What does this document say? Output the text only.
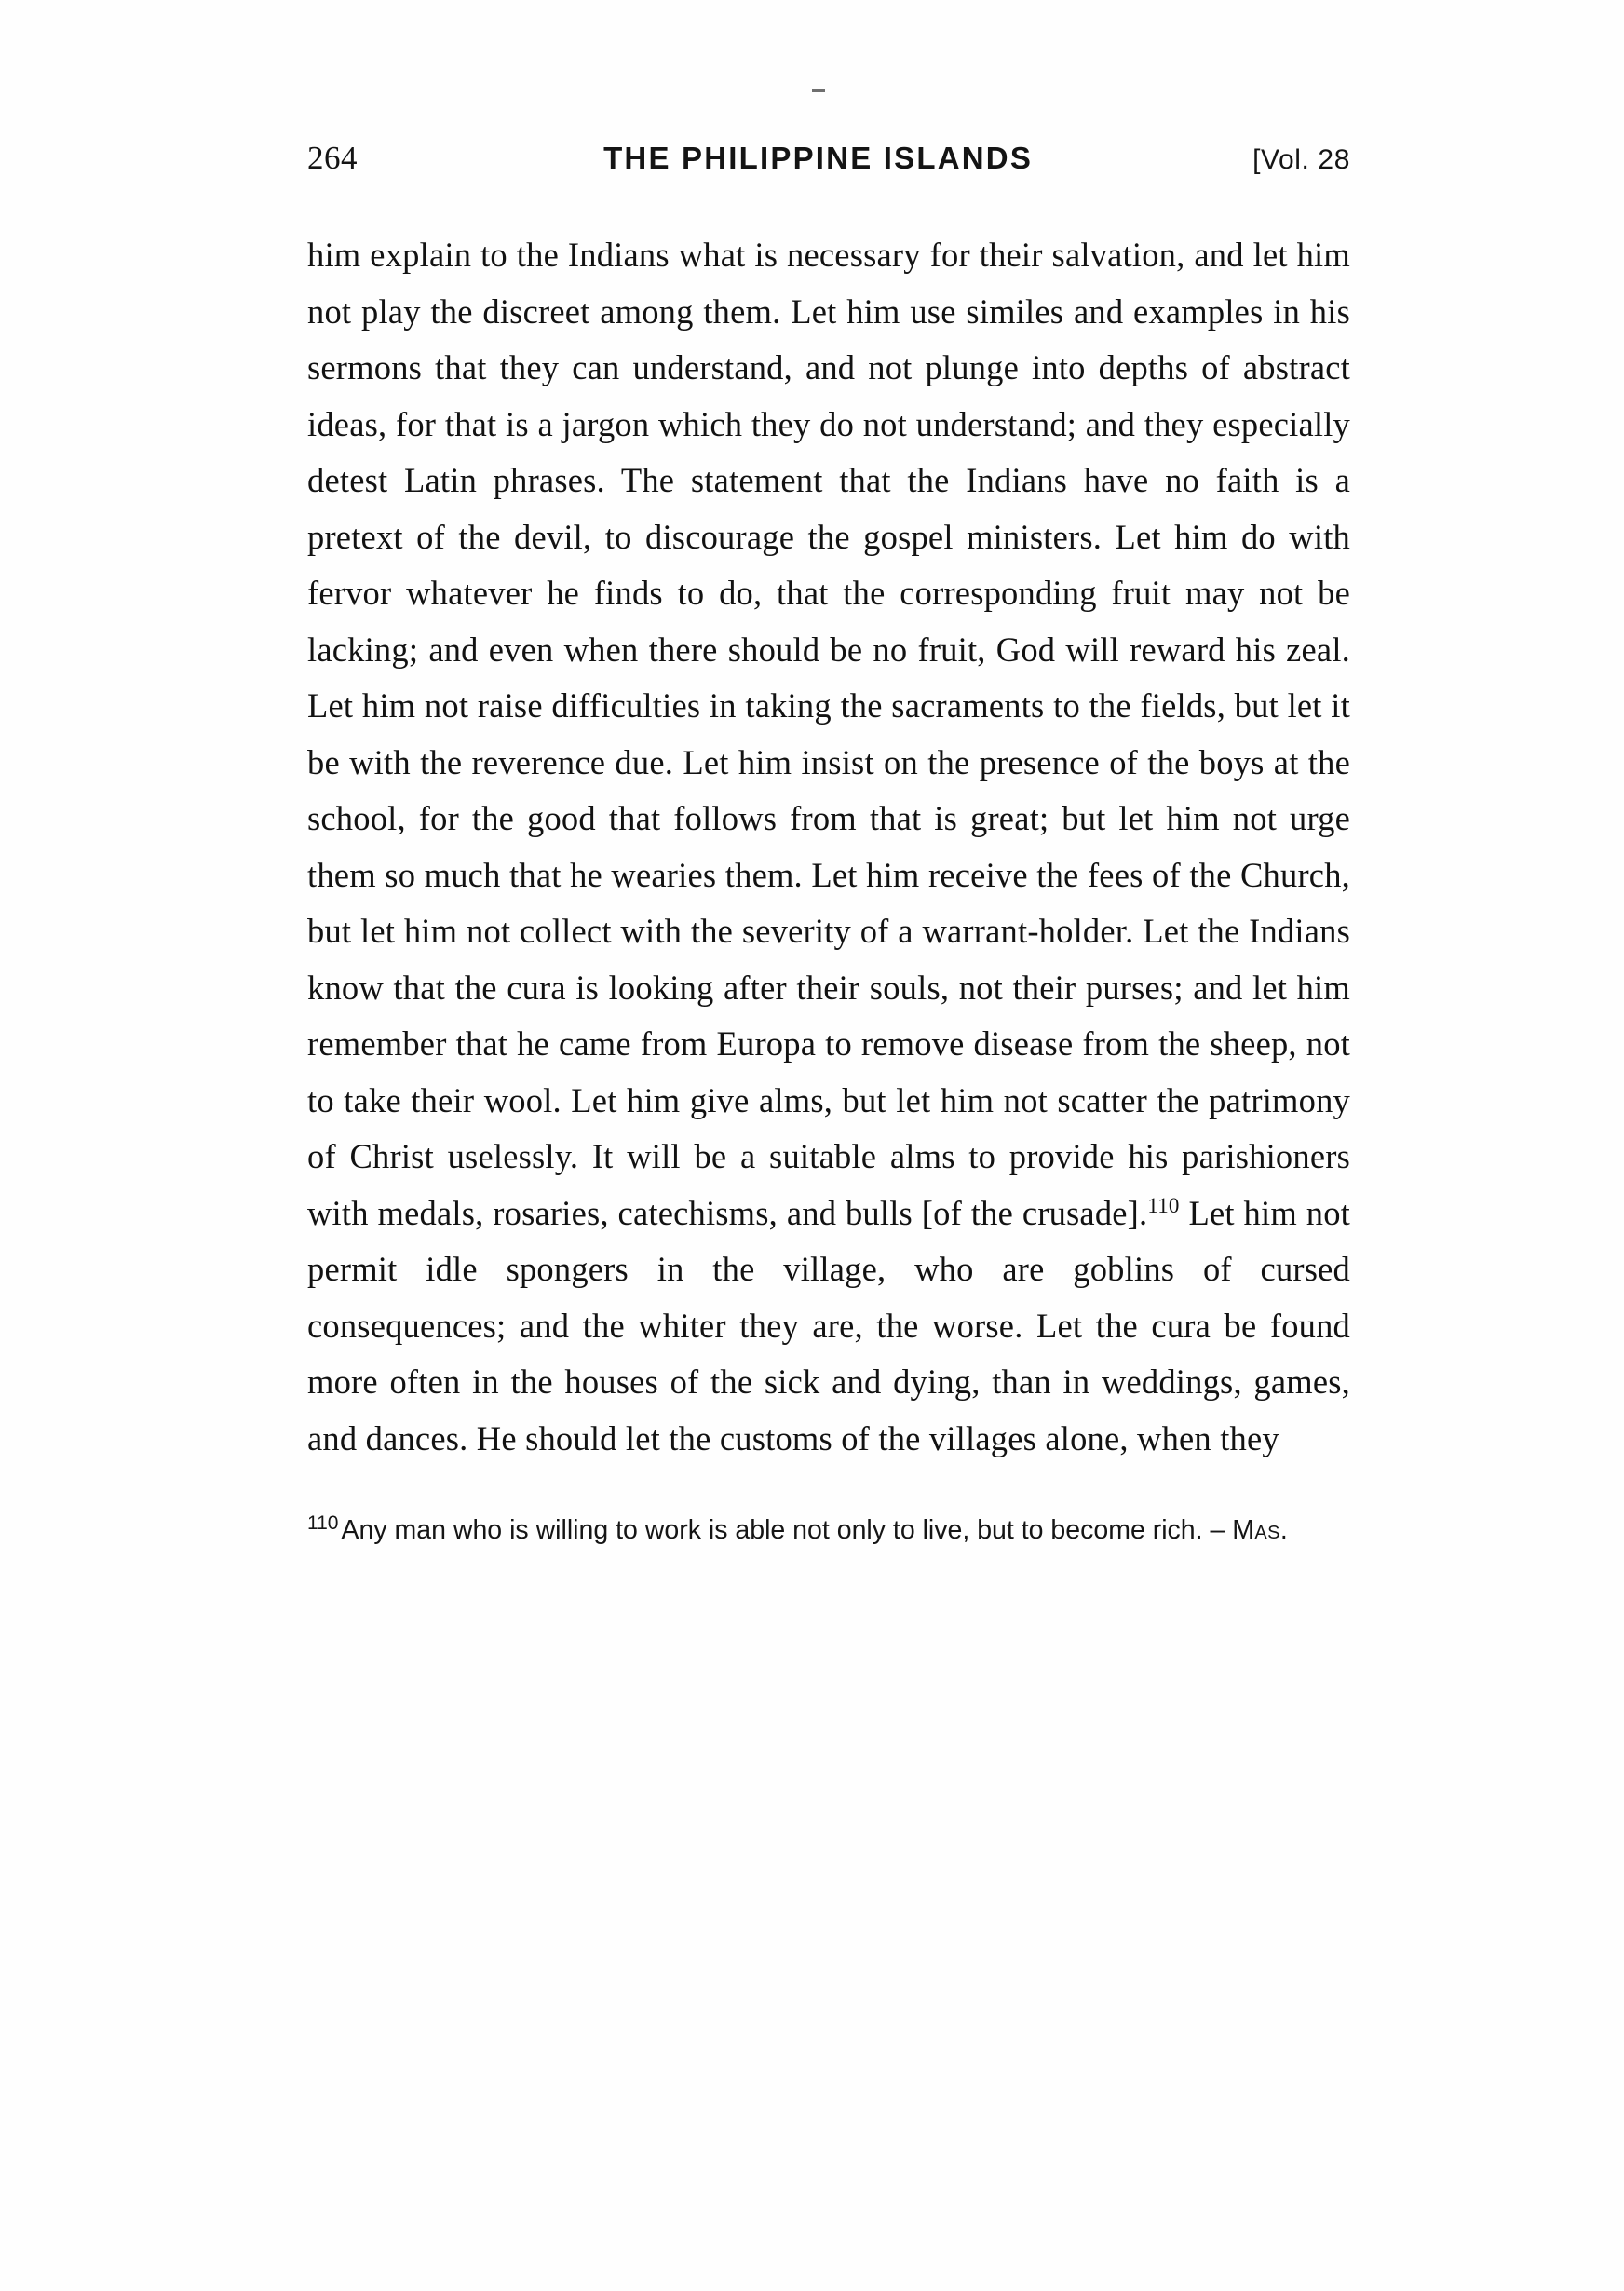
264	THE PHILIPPINE ISLANDS	[Vol. 28

him explain to the Indians what is necessary for their salvation, and let him not play the discreet among them. Let him use similes and examples in his sermons that they can understand, and not plunge into depths of abstract ideas, for that is a jargon which they do not understand; and they especially detest Latin phrases. The statement that the Indians have no faith is a pretext of the devil, to discourage the gospel ministers. Let him do with fervor whatever he finds to do, that the corresponding fruit may not be lacking; and even when there should be no fruit, God will reward his zeal. Let him not raise difficulties in taking the sacraments to the fields, but let it be with the reverence due. Let him insist on the presence of the boys at the school, for the good that follows from that is great; but let him not urge them so much that he wearies them. Let him receive the fees of the Church, but let him not collect with the severity of a warrant-holder. Let the Indians know that the cura is looking after their souls, not their purses; and let him remember that he came from Europa to remove disease from the sheep, not to take their wool. Let him give alms, but let him not scatter the patrimony of Christ uselessly. It will be a suitable alms to provide his parishioners with medals, rosaries, catechisms, and bulls [of the crusade].$^{110}$ Let him not permit idle spongers in the village, who are goblins of cursed consequences; and the whiter they are, the worse. Let the cura be found more often in the houses of the sick and dying, than in weddings, games, and dances. He should let the customs of the villages alone, when they

$^{110}$ Any man who is willing to work is able not only to live, but to become rich. – Mas.
